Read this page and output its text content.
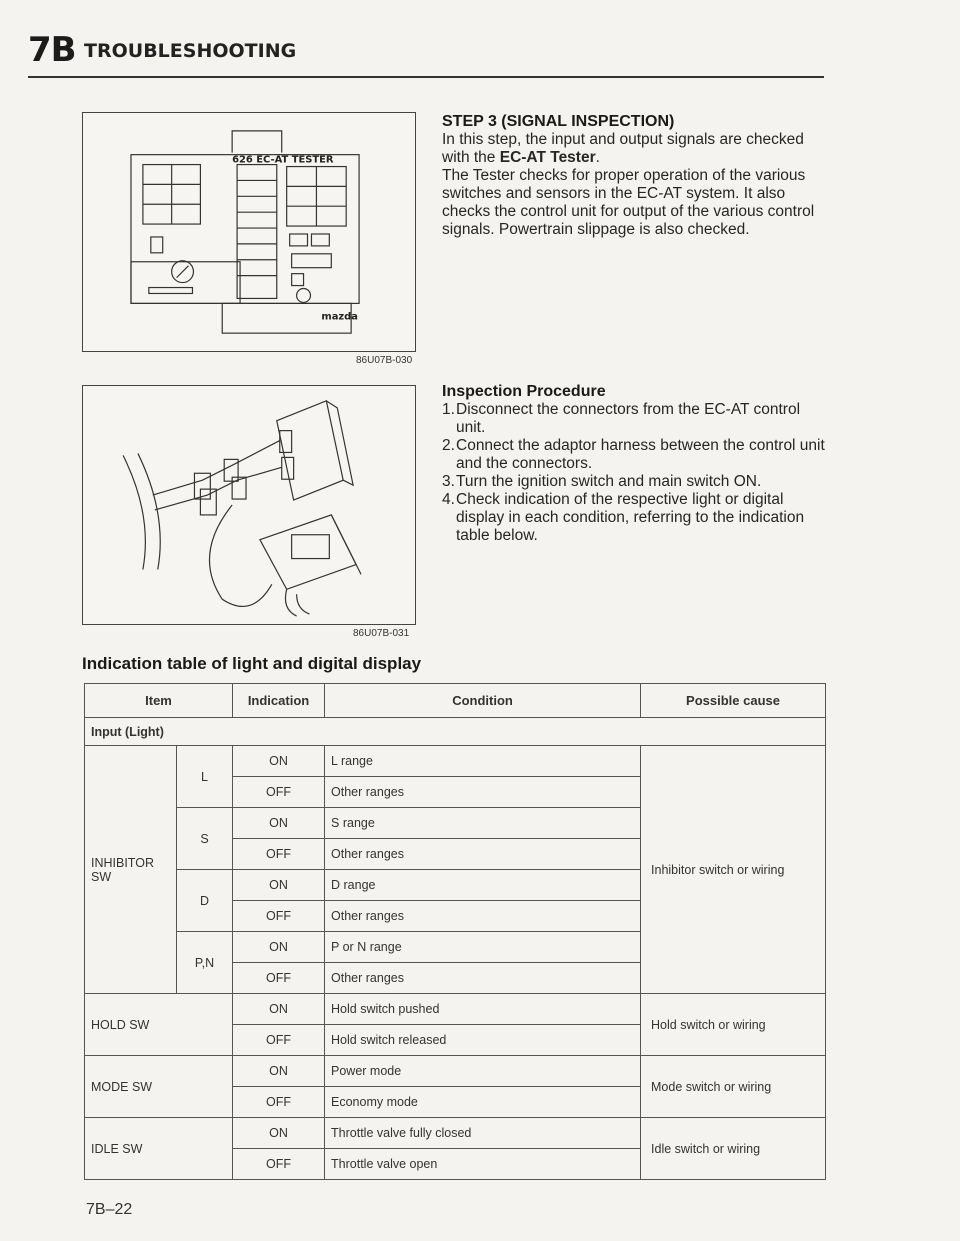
7B TROUBLESHOOTING
626 EC-AT TESTER
mazda
86U07B-030
86U07B-031
STEP 3 (SIGNAL INSPECTION)

In this step, the input and output signals are checked with the EC-AT Tester.

The Tester checks for proper operation of the various switches and sensors in the EC-AT system. It also checks the control unit for output of the various control signals. Powertrain slippage is also checked.

Inspection Procedure
1. Disconnect the connectors from the EC-AT control unit.
2. Connect the adaptor harness between the control unit and the connectors.
3. Turn the ignition switch and main switch ON.
4. Check indication of the respective light or digital display in each condition, referring to the indication table below.
Indication table of light and digital display
Item		Indication	Condition	Possible cause
Input (Light)				
INHIBITOR SW	L	ON	L range	Inhibitor switch or wiring
		OFF	Other ranges	
	S	ON	S range	
		OFF	Other ranges	
	D	ON	D range	
		OFF	Other ranges	
	P,N	ON	P or N range	
		OFF	Other ranges	
HOLD SW		ON	Hold switch pushed	Hold switch or wiring
		OFF	Hold switch released	
MODE SW		ON	Power mode	Mode switch or wiring
		OFF	Economy mode	
IDLE SW		ON	Throttle valve fully closed	Idle switch or wiring
		OFF	Throttle valve open	
7B–22
